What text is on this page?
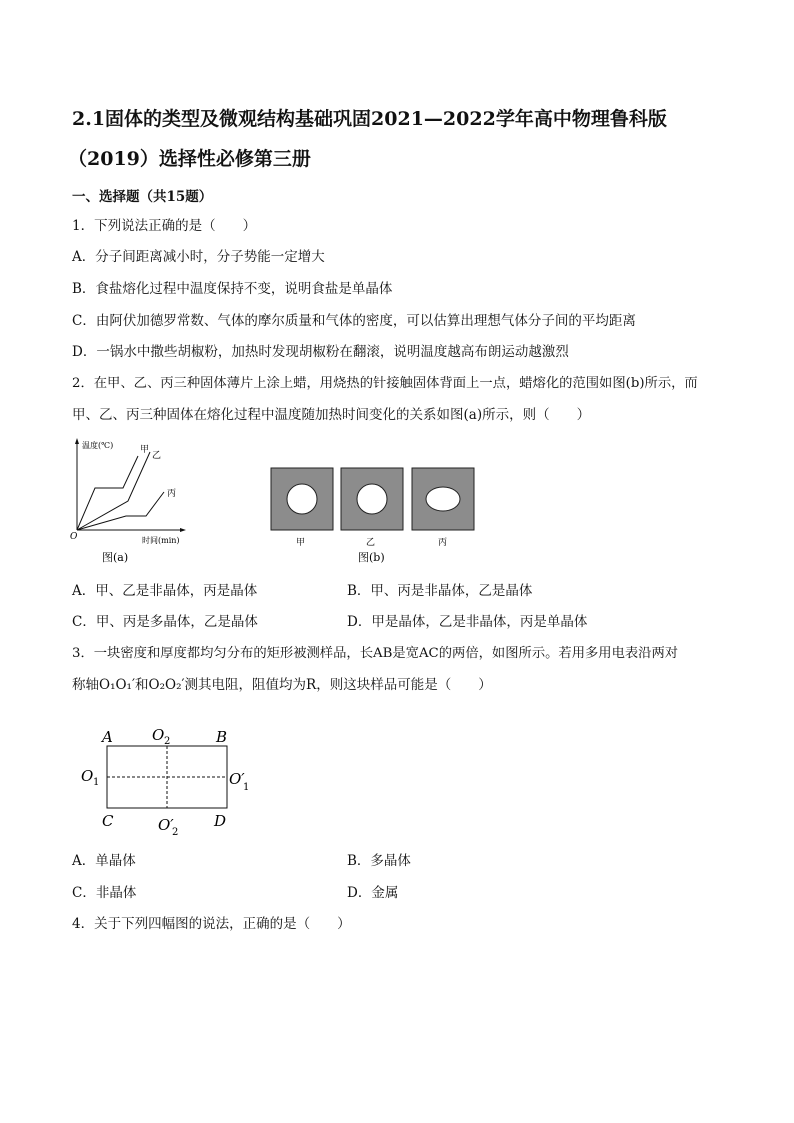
2.1固体的类型及微观结构基础巩固2021—2022学年高中物理鲁科版
（2019）选择性必修第三册
一、选择题（共15题）
1．下列说法正确的是（　　）
A．分子间距离减小时，分子势能一定增大
B．食盐熔化过程中温度保持不变，说明食盐是单晶体
C．由阿伏加德罗常数、气体的摩尔质量和气体的密度，可以估算出理想气体分子间的平均距离
D．一锅水中撒些胡椒粉，加热时发现胡椒粉在翻滚，说明温度越高布朗运动越激烈
2．在甲、乙、丙三种固体薄片上涂上蜡，用烧热的针接触固体背面上一点，蜡熔化的范围如图(b)所示，而
甲、乙、丙三种固体在熔化过程中温度随加热时间变化的关系如图(a)所示，则（　　）
温度(℃)	甲
乙
丙
O	时间(min)
图(a)
甲	乙	丙
图(b)
A．甲、乙是非晶体，丙是晶体	B．甲、丙是非晶体，乙是晶体
C．甲、丙是多晶体，乙是晶体	D．甲是晶体，乙是非晶体，丙是单晶体
3．一块密度和厚度都均匀分布的矩形被测样品，长AB是宽AC的两倍，如图所示。若用多用电表沿两对
称轴O₁O₁′和O₂O₂′测其电阻，阻值均为R，则这块样品可能是（　　）
A	B
C	D
O 1	O′
1
O 2
O′
2
A．单晶体	B．多晶体
C．非晶体	D．金属
4．关于下列四幅图的说法，正确的是（　　）
